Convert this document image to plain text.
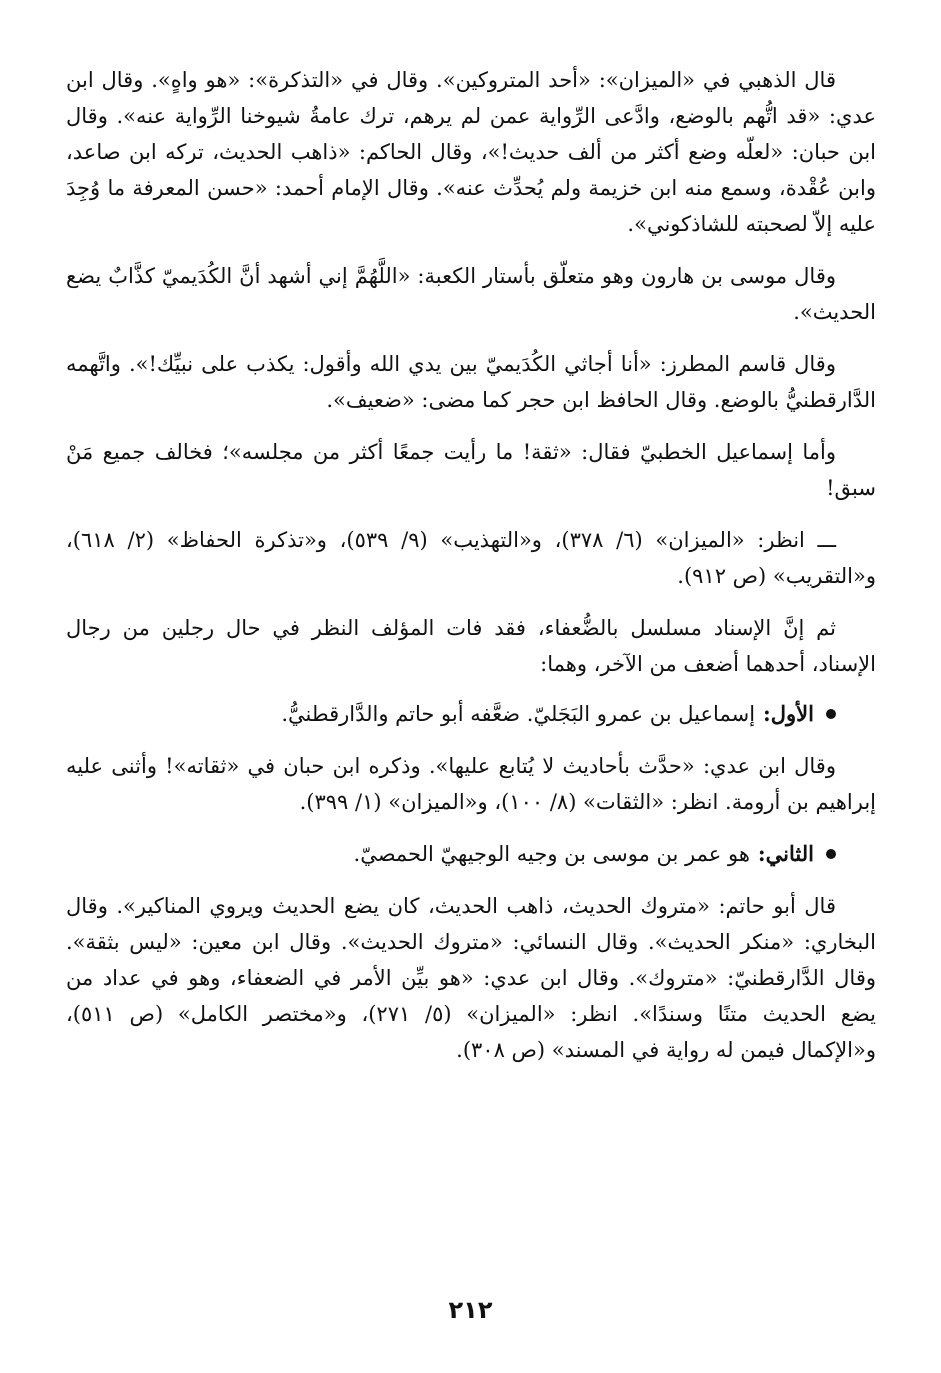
قال الذهبي في «الميزان»: «أحد المتروكين». وقال في «التذكرة»: «هو واهٍ». وقال ابن عدي: «قد اتُّهم بالوضع، وادَّعى الرِّواية عمن لم يرهم، ترك عامةُ شيوخنا الرِّواية عنه». وقال ابن حبان: «لعلّه وضع أكثر من ألف حديث!»، وقال الحاكم: «ذاهب الحديث، تركه ابن صاعد، وابن عُقْدة، وسمع منه ابن خزيمة ولم يُحدِّث عنه». وقال الإمام أحمد: «حسن المعرفة ما وُجِدَ عليه إلاّ لصحبته للشاذكوني».

وقال موسى بن هارون وهو متعلّق بأستار الكعبة: «اللَّهُمَّ إني أشهد أنَّ الكُدَيميّ كذَّابٌ يضع الحديث».

وقال قاسم المطرز: «أنا أجاثي الكُدَيميّ بين يدي الله وأقول: يكذب على نبيِّك!». واتَّهمه الدَّارقطنيُّ بالوضع. وقال الحافظ ابن حجر كما مضى: «ضعيف».

وأما إسماعيل الخطبيّ فقال: «ثقة! ما رأيت جمعًا أكثر من مجلسه»؛ فخالف جميع مَنْ سبق!

ـــ انظر: «الميزان» (٦/ ٣٧٨)، و«التهذيب» (٩/ ٥٣٩)، و«تذكرة الحفاظ» (٢/ ٦١٨)، و«التقريب» (ص ٩١٢).

ثم إنَّ الإسناد مسلسل بالضُّعفاء، فقد فات المؤلف النظر في حال رجلين من رجال الإسناد، أحدهما أضعف من الآخر، وهما:

الأول:
إسماعيل بن عمرو البَجَليّ. ضعَّفه أبو حاتم والدَّارقطنيُّ.

وقال ابن عدي: «حدَّث بأحاديث لا يُتابع عليها». وذكره ابن حبان في «ثقاته»! وأثنى عليه إبراهيم بن أرومة. انظر: «الثقات» (٨/ ١٠٠)، و«الميزان» (١/ ٣٩٩).

الثاني:
هو عمر بن موسى بن وجيه الوجيهيّ الحمصيّ.

قال أبو حاتم: «متروك الحديث، ذاهب الحديث، كان يضع الحديث ويروي المناكير». وقال البخاري: «منكر الحديث». وقال النسائي: «متروك الحديث». وقال ابن معين: «ليس بثقة». وقال الدَّارقطنيّ: «متروك». وقال ابن عدي: «هو بيِّن الأمر في الضعفاء، وهو في عداد من يضع الحديث متنًا وسندًا». انظر: «الميزان» (٥/ ٢٧١)، و«مختصر الكامل» (ص ٥١١)، و«الإكمال فيمن له رواية في المسند» (ص ٣٠٨).

٢١٢
